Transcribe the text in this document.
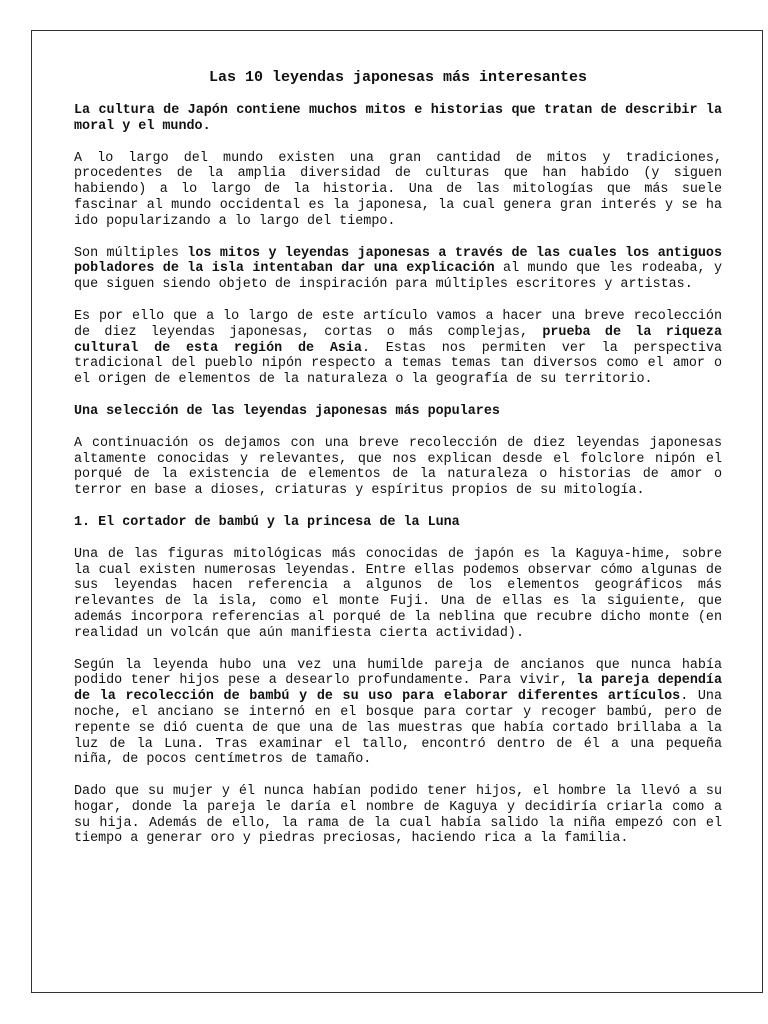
Las 10 leyendas japonesas más interesantes

La cultura de Japón contiene muchos mitos e historias que tratan de describir la moral y el mundo.

A lo largo del mundo existen una gran cantidad de mitos y tradiciones, procedentes de la amplia diversidad de culturas que han habido (y siguen habiendo) a lo largo de la historia. Una de las mitologías que más suele fascinar al mundo occidental es la japonesa, la cual genera gran interés y se ha ido popularizando a lo largo del tiempo.

Son múltiples los mitos y leyendas japonesas a través de las cuales los antiguos pobladores de la isla intentaban dar una explicación al mundo que les rodeaba, y que siguen siendo objeto de inspiración para múltiples escritores y artistas.

Es por ello que a lo largo de este artículo vamos a hacer una breve recolección de diez leyendas japonesas, cortas o más complejas, prueba de la riqueza cultural de esta región de Asia. Estas nos permiten ver la perspectiva tradicional del pueblo nipón respecto a temas temas tan diversos como el amor o el origen de elementos de la naturaleza o la geografía de su territorio.

Una selección de las leyendas japonesas más populares

A continuación os dejamos con una breve recolección de diez leyendas japonesas altamente conocidas y relevantes, que nos explican desde el folclore nipón el porqué de la existencia de elementos de la naturaleza o historias de amor o terror en base a dioses, criaturas y espíritus propios de su mitología.

1. El cortador de bambú y la princesa de la Luna

Una de las figuras mitológicas más conocidas de japón es la Kaguya-hime, sobre la cual existen numerosas leyendas. Entre ellas podemos observar cómo algunas de sus leyendas hacen referencia a algunos de los elementos geográficos más relevantes de la isla, como el monte Fuji. Una de ellas es la siguiente, que además incorpora referencias al porqué de la neblina que recubre dicho monte (en realidad un volcán que aún manifiesta cierta actividad).

Según la leyenda hubo una vez una humilde pareja de ancianos que nunca había podido tener hijos pese a desearlo profundamente. Para vivir, la pareja dependía de la recolección de bambú y de su uso para elaborar diferentes artículos. Una noche, el anciano se internó en el bosque para cortar y recoger bambú, pero de repente se dió cuenta de que una de las muestras que había cortado brillaba a la luz de la Luna. Tras examinar el tallo, encontró dentro de él a una pequeña niña, de pocos centímetros de tamaño.

Dado que su mujer y él nunca habían podido tener hijos, el hombre la llevó a su hogar, donde la pareja le daría el nombre de Kaguya y decidiría criarla como a su hija. Además de ello, la rama de la cual había salido la niña empezó con el tiempo a generar oro y piedras preciosas, haciendo rica a la familia.
